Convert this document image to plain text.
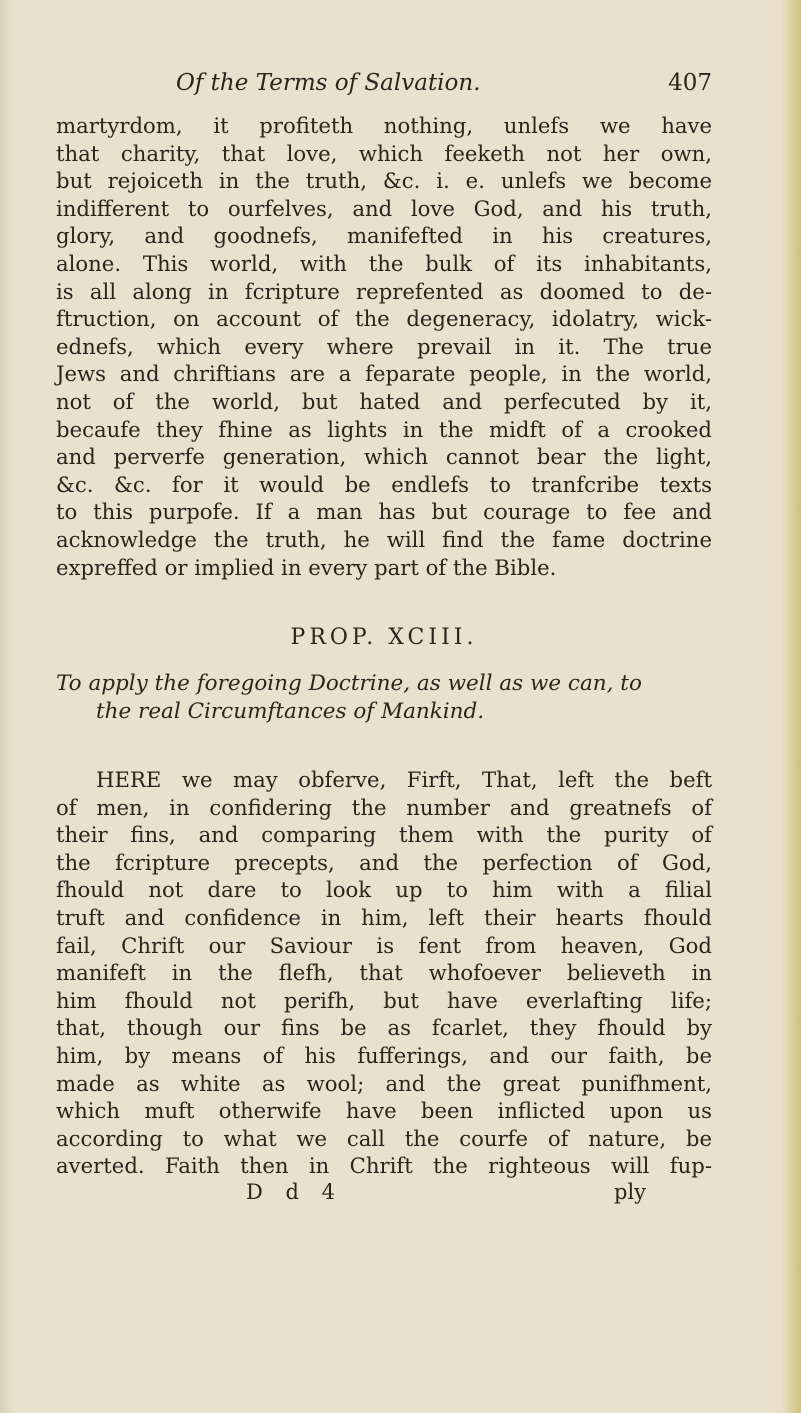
Of the Terms of Salvation.	407

martyrdom, it profiteth nothing, unlefs we have
that charity, that love, which feeketh not her own,
but rejoiceth in the truth, &c. i. e. unlefs we become
indifferent to ourfelves, and love God, and his truth,
glory, and goodnefs, manifefted in his creatures,
alone. This world, with the bulk of its inhabitants,
is all along in fcripture reprefented as doomed to de-
ftruction, on account of the degeneracy, idolatry, wick-
ednefs, which every where prevail in it. The true
Jews and chriftians are a feparate people, in the world,
not of the world, but hated and perfecuted by it,
becaufe they fhine as lights in the midft of a crooked
and perverfe generation, which cannot bear the light,
&c. &c. for it would be endlefs to tranfcribe texts
to this purpofe. If a man has but courage to fee and
acknowledge the truth, he will find the fame doctrine
expreffed or implied in every part of the Bible.

PROP. XCIII.
To apply the foregoing Doctrine, as well as we can, to
the real Circumftances of Mankind.

HERE we may obferve, Firft, That, left the beft
of men, in confidering the number and greatnefs of
their fins, and comparing them with the purity of
the fcripture precepts, and the perfection of God,
fhould not dare to look up to him with a filial
truft and confidence in him, left their hearts fhould
fail, Chrift our Saviour is fent from heaven, God
manifeft in the flefh, that whofoever believeth in
him fhould not perifh, but have everlafting life;
that, though our fins be as fcarlet, they fhould by
him, by means of his fufferings, and our faith, be
made as white as wool; and the great punifhment,
which muft otherwife have been inflicted upon us
according to what we call the courfe of nature, be
averted. Faith then in Chrift the righteous will fup-

D d 4	ply
